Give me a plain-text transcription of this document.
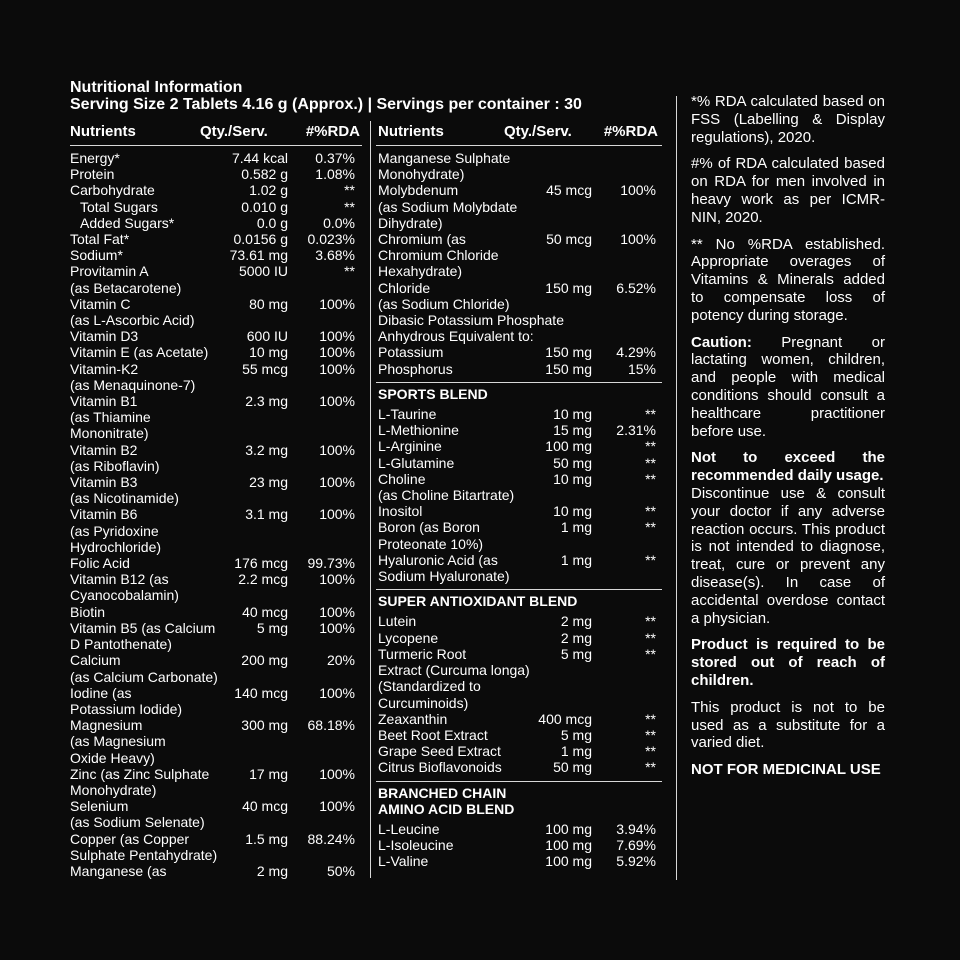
Nutritional Information
Serving Size 2 Tablets 4.16 g (Approx.) | Servings per container : 30
Nutrients	Qty./Serv.	#%RDA
Energy*	7.44 kcal 0.37%
Protein	0.582 g 1.08%
Carbohydrate	1.02 g	**
Total Sugars	0.010 g	**
Added Sugars*	0.0 g	0.0%
Total Fat*	0.0156 g 0.023%
Sodium*	73.61 mg 3.68%
Provitamin A
(as Betacarotene)
5000 IU	**
Vitamin C
(as L-Ascorbic Acid)
80 mg 100%
Vitamin D3	600 IU 100%
Vitamin E (as Acetate)	10 mg 100%
Vitamin-K2
(as Menaquinone-7)
55 mcg 100%
Vitamin B1
(as Thiamine
Mononitrate)
2.3 mg 100%
Vitamin B2
(as Riboflavin)
3.2 mg 100%
Vitamin B3
(as Nicotinamide)
23 mg 100%
Vitamin B6
(as Pyridoxine
Hydrochloride)
3.1 mg 100%
Folic Acid	176 mcg 99.73%
Vitamin B12 (as
Cyanocobalamin)
2.2 mcg 100%
Biotin	40 mcg 100%
Vitamin B5 (as Calcium
D Pantothenate)
5 mg 100%
Calcium
(as Calcium Carbonate)
200 mg	20%
Iodine (as
Potassium Iodide)
140 mcg 100%
Magnesium
(as Magnesium
Oxide Heavy)
300 mg 68.18%
Zinc (as Zinc Sulphate
Monohydrate)
17 mg 100%
Selenium
(as Sodium Selenate)
40 mcg 100%
Copper (as Copper
Sulphate Pentahydrate)
1.5 mg 88.24%
Manganese (as	2 mg	50%
Nutrients	Qty./Serv. #%RDA
Manganese Sulphate
Monohydrate)
Molybdenum
(as Sodium Molybdate
Dihydrate)
45 mcg 100%
Chromium (as
Chromium Chloride
Hexahydrate)
50 mcg 100%
Chloride
(as Sodium Chloride)
150 mg 6.52%
Dibasic Potassium Phosphate
Anhydrous Equivalent to:
Potassium	150 mg 4.29%
Phosphorus	150 mg	15%
SPORTS BLEND
L-Taurine	10 mg	**
L-Methionine	15 mg 2.31%
L-Arginine	100 mg	**
L-Glutamine	50 mg	**
Choline
(as Choline Bitartrate)
10 mg	**
Inositol	10 mg	**
Boron (as Boron
Proteonate 10%)
1 mg	**
Hyaluronic Acid (as
Sodium Hyaluronate)
1 mg	**
SUPER ANTIOXIDANT BLEND
Lutein	2 mg	**
Lycopene	2 mg	**
Turmeric Root
Extract (Curcuma longa)
(Standardized to
Curcuminoids)
5 mg	**
Zeaxanthin	400 mcg	**
Beet Root Extract	5 mg	**
Grape Seed Extract	1 mg	**
Citrus Bioflavonoids	50 mg	**
BRANCHED CHAIN
AMINO ACID BLEND
L-Leucine	100 mg 3.94%
L-Isoleucine	100 mg 7.69%
L-Valine	100 mg 5.92%

*% RDA calculated based on FSS (Labelling & Display regulations), 2020.

#% of RDA calculated based on RDA for men involved in heavy work as per ICMR-NIN, 2020.

** No %RDA established. Appropriate overages of Vitamins & Minerals added to compensate loss of potency during storage.

Caution: Pregnant or lactating women, children, and people with medical conditions should consult a healthcare practitioner before use.

Not to exceed the recommended daily usage.

Discontinue use & consult your doctor if any adverse reaction occurs. This product is not intended to diagnose, treat, cure or prevent any disease(s). In case of accidental overdose contact a physician.

Product is required to be stored out of reach of children.

This product is not to be used as a substitute for a varied diet.

NOT FOR MEDICINAL USE
